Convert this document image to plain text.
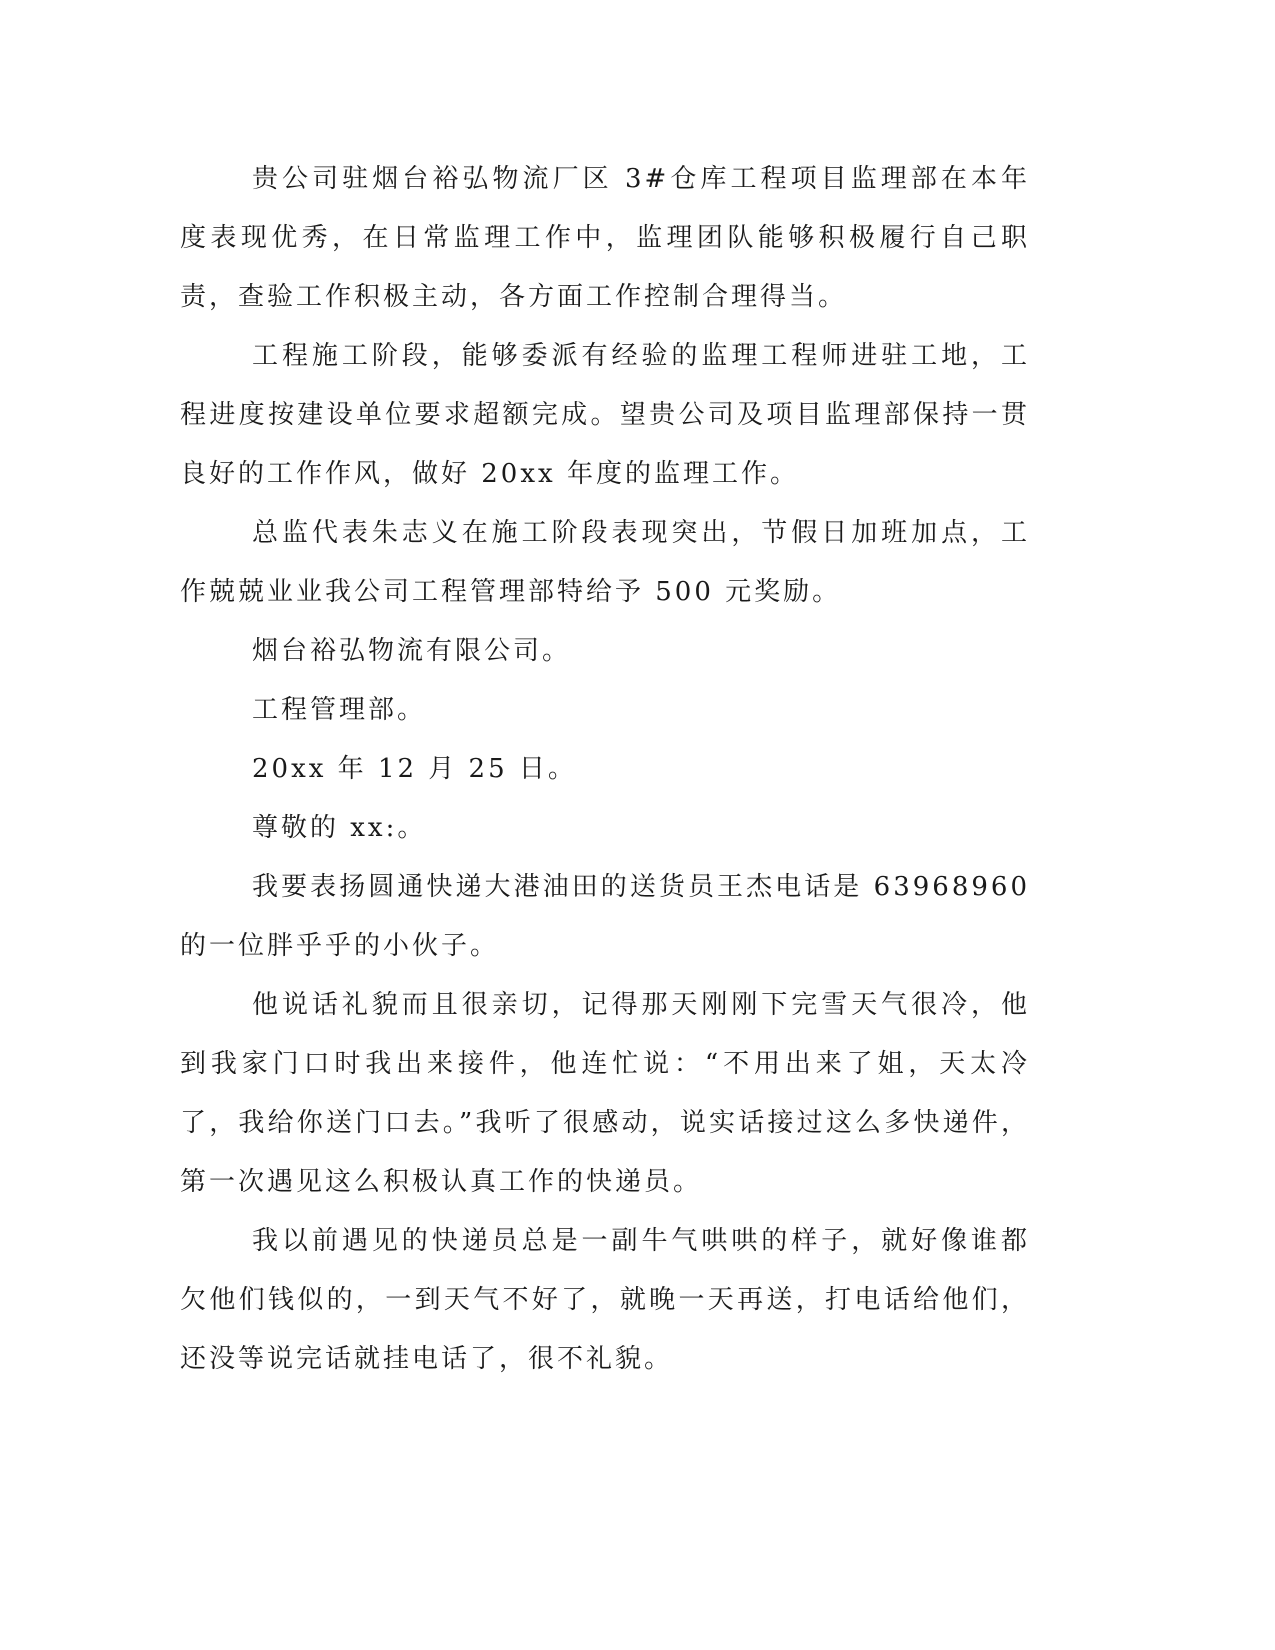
贵公司驻烟台裕弘物流厂区 3#仓库工程项目监理部在本年度表现优秀，在日常监理工作中，监理团队能够积极履行自己职责，查验工作积极主动，各方面工作控制合理得当。

工程施工阶段，能够委派有经验的监理工程师进驻工地，工程进度按建设单位要求超额完成。望贵公司及项目监理部保持一贯良好的工作作风，做好 20xx 年度的监理工作。

总监代表朱志义在施工阶段表现突出，节假日加班加点，工作兢兢业业我公司工程管理部特给予 500 元奖励。

烟台裕弘物流有限公司。

工程管理部。

20xx 年 12 月 25 日。

尊敬的 xx:。

我要表扬圆通快递大港油田的送货员王杰电话是 63968960 的一位胖乎乎的小伙子。

他说话礼貌而且很亲切，记得那天刚刚下完雪天气很冷，他到我家门口时我出来接件，他连忙说：“不用出来了姐，天太冷了，我给你送门口去。”我听了很感动，说实话接过这么多快递件，第一次遇见这么积极认真工作的快递员。

我以前遇见的快递员总是一副牛气哄哄的样子，就好像谁都欠他们钱似的，一到天气不好了，就晚一天再送，打电话给他们，还没等说完话就挂电话了，很不礼貌。
